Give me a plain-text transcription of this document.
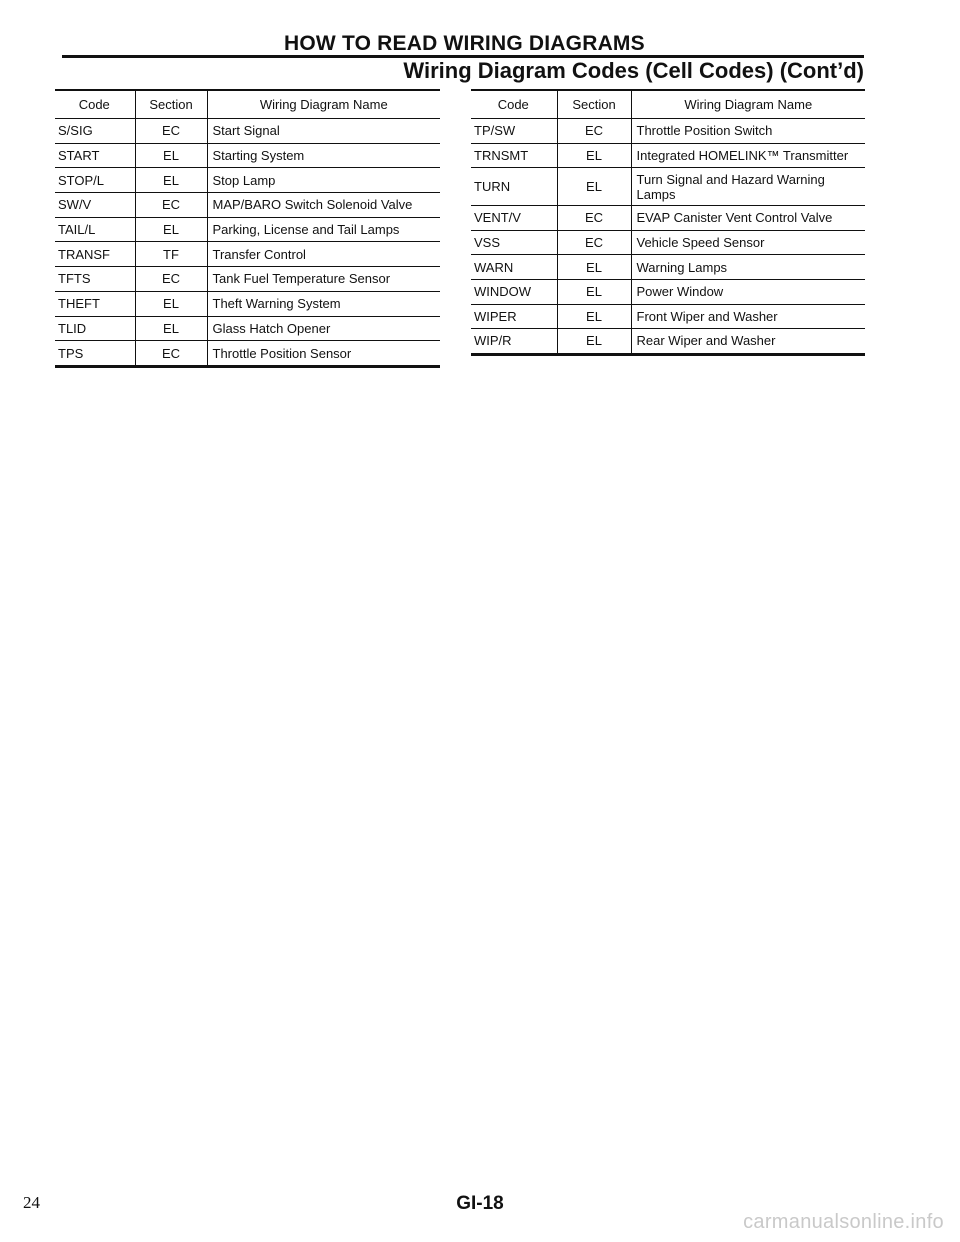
HOW TO READ WIRING DIAGRAMS
Wiring Diagram Codes (Cell Codes) (Cont’d)
Code	Section	Wiring Diagram Name
S/SIG	EC	Start Signal
START	EL	Starting System
STOP/L	EL	Stop Lamp
SW/V	EC	MAP/BARO Switch Solenoid Valve
TAIL/L	EL	Parking, License and Tail Lamps
TRANSF	TF	Transfer Control
TFTS	EC	Tank Fuel Temperature Sensor
THEFT	EL	Theft Warning System
TLID	EL	Glass Hatch Opener
TPS	EC	Throttle Position Sensor
Code	Section	Wiring Diagram Name
TP/SW	EC	Throttle Position Switch
TRNSMT	EL	Integrated HOMELINK™ Transmitter
TURN	EL	Turn Signal and Hazard Warning Lamps
VENT/V	EC	EVAP Canister Vent Control Valve
VSS	EC	Vehicle Speed Sensor
WARN	EL	Warning Lamps
WINDOW	EL	Power Window
WIPER	EL	Front Wiper and Washer
WIP/R	EL	Rear Wiper and Washer
24	GI-18
carmanualsonline.info
